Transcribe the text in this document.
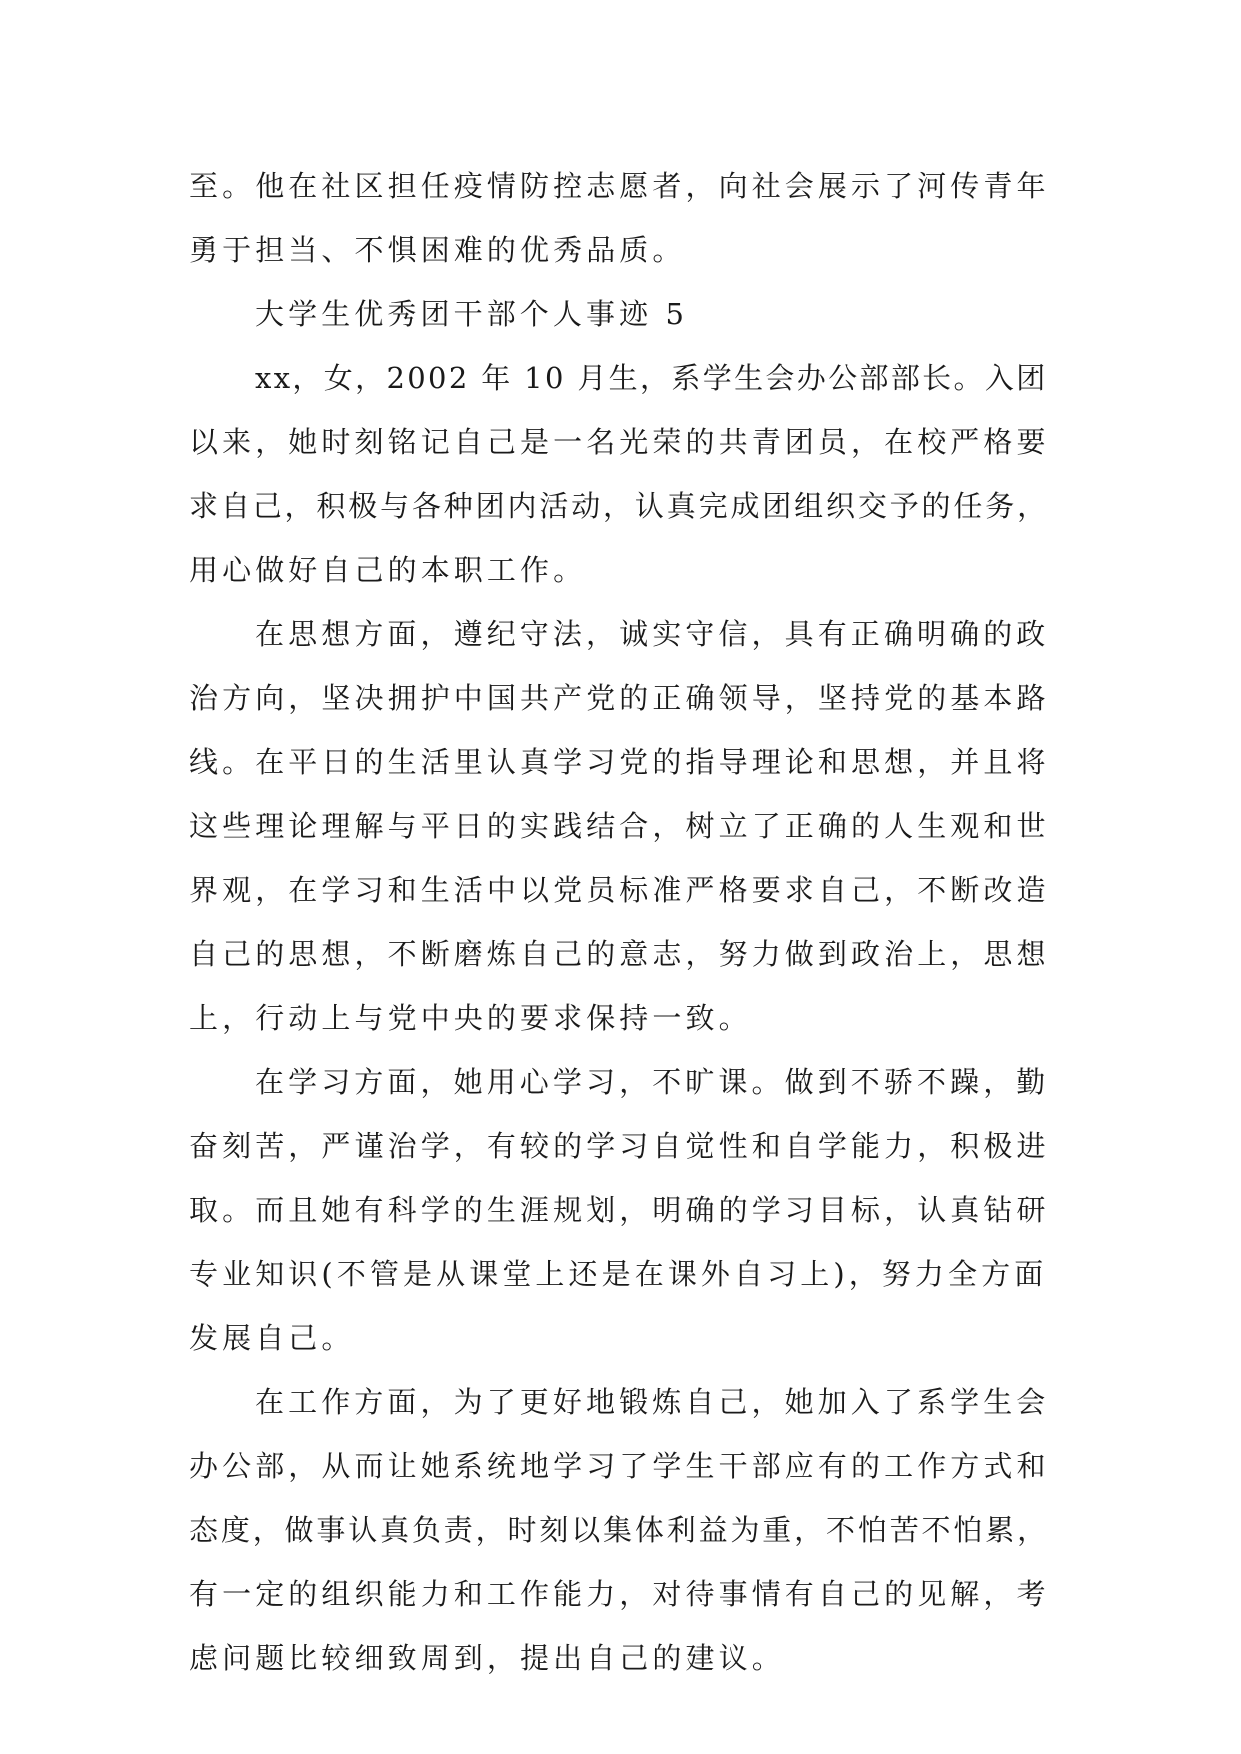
至。他在社区担任疫情防控志愿者，向社会展示了河传青年
勇于担当、不惧困难的优秀品质。
大学生优秀团干部个人事迹 5
xx，女，2002 年 10 月生，系学生会办公部部长。入团
以来，她时刻铭记自己是一名光荣的共青团员，在校严格要
求自己，积极与各种团内活动，认真完成团组织交予的任务，
用心做好自己的本职工作。
在思想方面，遵纪守法，诚实守信，具有正确明确的政
治方向，坚决拥护中国共产党的正确领导，坚持党的基本路
线。在平日的生活里认真学习党的指导理论和思想，并且将
这些理论理解与平日的实践结合，树立了正确的人生观和世
界观，在学习和生活中以党员标准严格要求自己，不断改造
自己的思想，不断磨炼自己的意志，努力做到政治上，思想
上，行动上与党中央的要求保持一致。
在学习方面，她用心学习，不旷课。做到不骄不躁，勤
奋刻苦，严谨治学，有较的学习自觉性和自学能力，积极进
取。而且她有科学的生涯规划，明确的学习目标，认真钻研
专业知识(不管是从课堂上还是在课外自习上)，努力全方面
发展自己。
在工作方面，为了更好地锻炼自己，她加入了系学生会
办公部，从而让她系统地学习了学生干部应有的工作方式和
态度，做事认真负责，时刻以集体利益为重，不怕苦不怕累，
有一定的组织能力和工作能力，对待事情有自己的见解，考
虑问题比较细致周到，提出自己的建议。
